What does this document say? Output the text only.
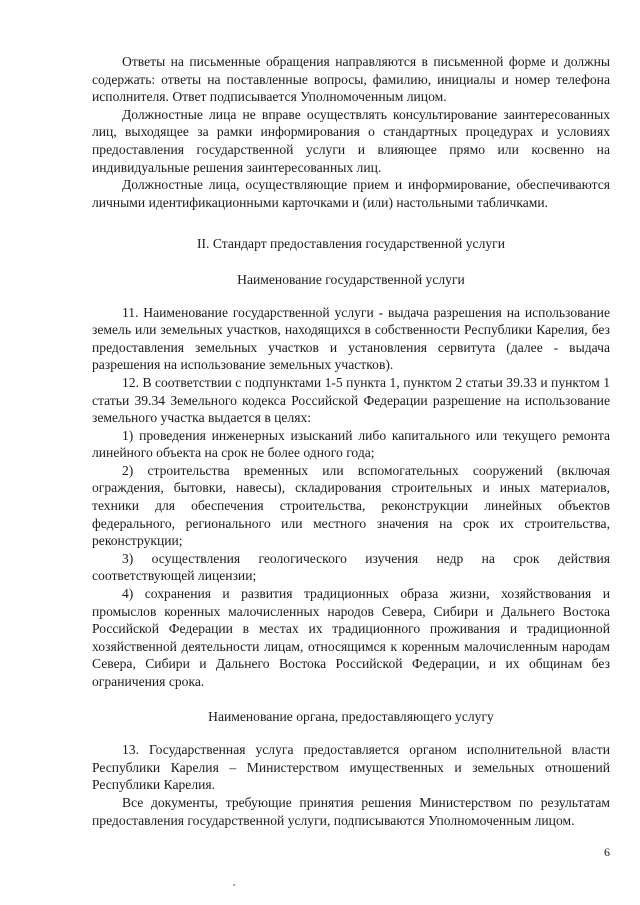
Ответы на письменные обращения направляются в письменной форме и должны содержать: ответы на поставленные вопросы, фамилию, инициалы и номер телефона исполнителя. Ответ подписывается Уполномоченным лицом.

Должностные лица не вправе осуществлять консультирование заинтересованных лиц, выходящее за рамки информирования о стандартных процедурах и условиях предоставления государственной услуги и влияющее прямо или косвенно на индивидуальные решения заинтересованных лиц.

Должностные лица, осуществляющие прием и информирование, обеспечиваются личными идентификационными карточками и (или) настольными табличками.

II. Стандарт предоставления государственной услуги

Наименование государственной услуги

11. Наименование государственной услуги - выдача разрешения на использование земель или земельных участков, находящихся в собственности Республики Карелия, без предоставления земельных участков и установления сервитута (далее - выдача разрешения на использование земельных участков).

12. В соответствии с подпунктами 1-5 пункта 1, пунктом 2 статьи 39.33 и пунктом 1 статьи 39.34 Земельного кодекса Российской Федерации разрешение на использование земельного участка выдается в целях:

1) проведения инженерных изысканий либо капитального или текущего ремонта линейного объекта на срок не более одного года;

2) строительства временных или вспомогательных сооружений (включая ограждения, бытовки, навесы), складирования строительных и иных материалов, техники для обеспечения строительства, реконструкции линейных объектов федерального, регионального или местного значения на срок их строительства, реконструкции;

3) осуществления геологического изучения недр на срок действия соответствующей лицензии;

4) сохранения и развития традиционных образа жизни, хозяйствования и промыслов коренных малочисленных народов Севера, Сибири и Дальнего Востока Российской Федерации в местах их традиционного проживания и традиционной хозяйственной деятельности лицам, относящимся к коренным малочисленным народам Севера, Сибири и Дальнего Востока Российской Федерации, и их общинам без ограничения срока.

Наименование органа, предоставляющего услугу

13. Государственная услуга предоставляется органом исполнительной власти Республики Карелия – Министерством имущественных и земельных отношений Республики Карелия.

Все документы, требующие принятия решения Министерством по результатам предоставления государственной услуги, подписываются Уполномоченным лицом.

6
